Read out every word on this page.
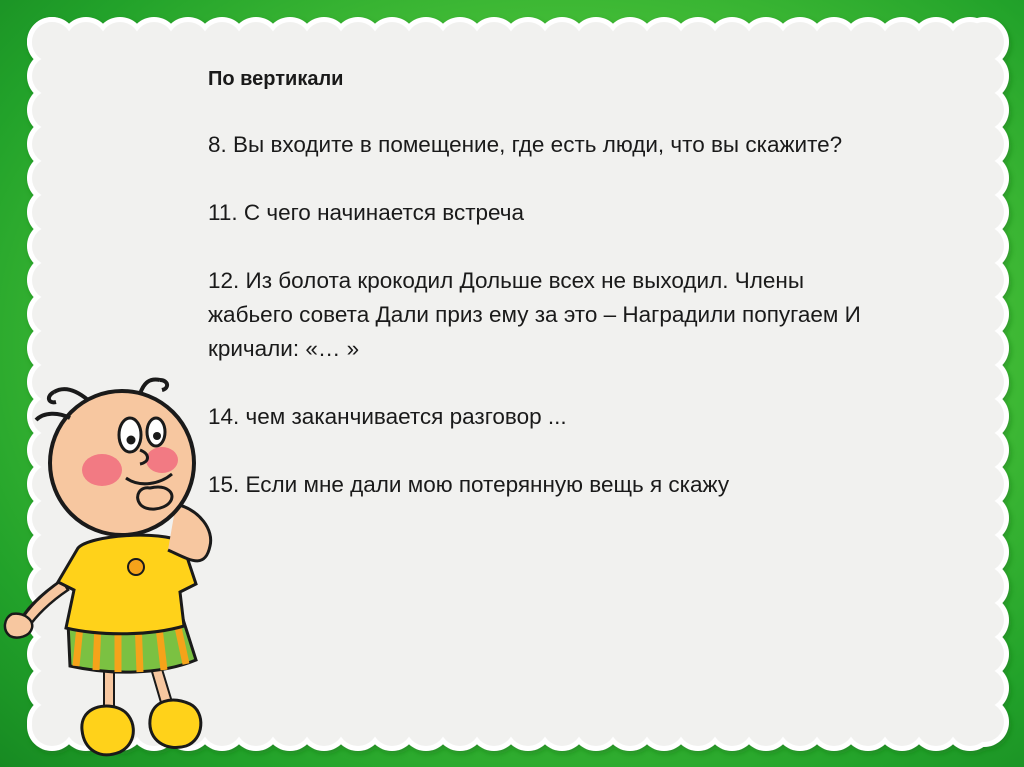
По вертикали
8. Вы входите в помещение, где есть люди, что вы скажите?
11. С чего начинается встреча
12. Из болота крокодил Дольше всех не выходил. Члены
жабьего совета Дали приз ему за это – Наградили попугаем И
кричали: «… »
14. чем заканчивается разговор ...
15. Если мне дали мою потерянную вещь я скажу
